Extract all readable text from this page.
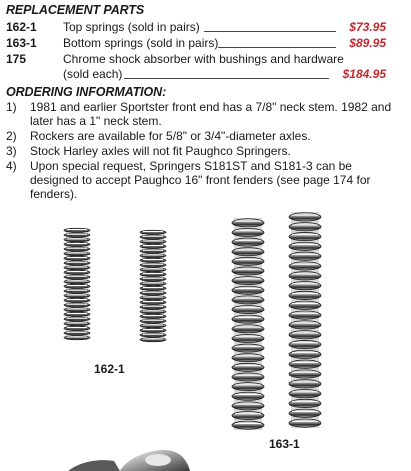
REPLACEMENT PARTS
162-1 Top springs (sold in pairs)	$73.95
163-1 Bottom springs (sold in pairs)	$89.95
175	Chrome shock absorber with bushings and hardware
(sold each)	$184.95
ORDERING INFORMATION:
1) 1981 and earlier Sportster front end has a 7/8" neck stem. 1982 and later has a 1" neck stem.
2) Rockers are available for 5/8" or 3/4"-diameter axles.
3) Stock Harley axles will not fit Paughco Springers.
4) Upon special request, Springers S181ST and S181-3 can be designed to accept Paughco 16" front fenders (see page 174 for fenders).
162-1
163-1
